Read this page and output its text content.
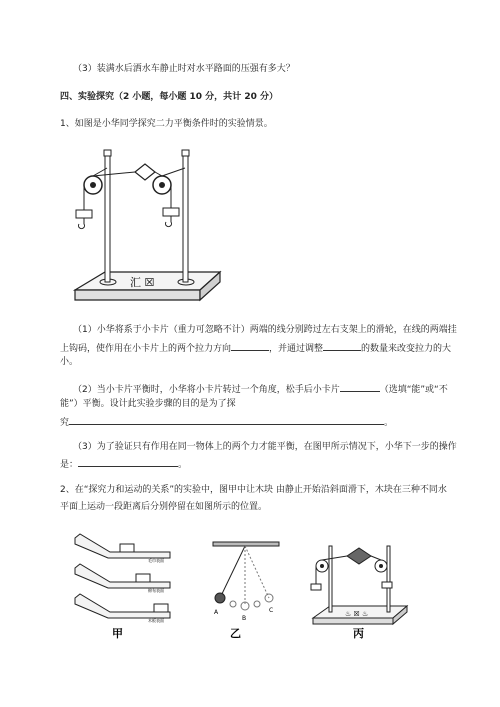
（3）装满水后洒水车静止时对水平路面的压强有多大？
四、实验探究（2 小题，每小题 10 分，共计 20 分）
1、如图是小华同学探究二力平衡条件时的实验情景。
汇 ☒
（1）小华将系于小卡片（重力可忽略不计）两端的线分别跨过左右支架上的滑轮，在线的两端挂
上钩码，使作用在小卡片上的两个拉力方向	，并通过调整	的数量来改变拉力的大
小。
（2）当小卡片平衡时，小华将小卡片转过一个角度，松手后小卡片	（选填“能”或“不
能”）平衡。设计此实验步骤的目的是为了探
究	。
（3）为了验证只有作用在同一物体上的两个力才能平衡，在图甲所示情况下，小华下一步的操作
是：	。
2、在“探究力和运动的关系”的实验中，图甲中让木块 由静止开始沿斜面滑下，木块在三种不同水
平面上运动一段距离后分别停留在如图所示的位置。
毛巾表面
棉布表面
木板表面
甲
A
B
C
乙
♨ ☒ ♨
丙
